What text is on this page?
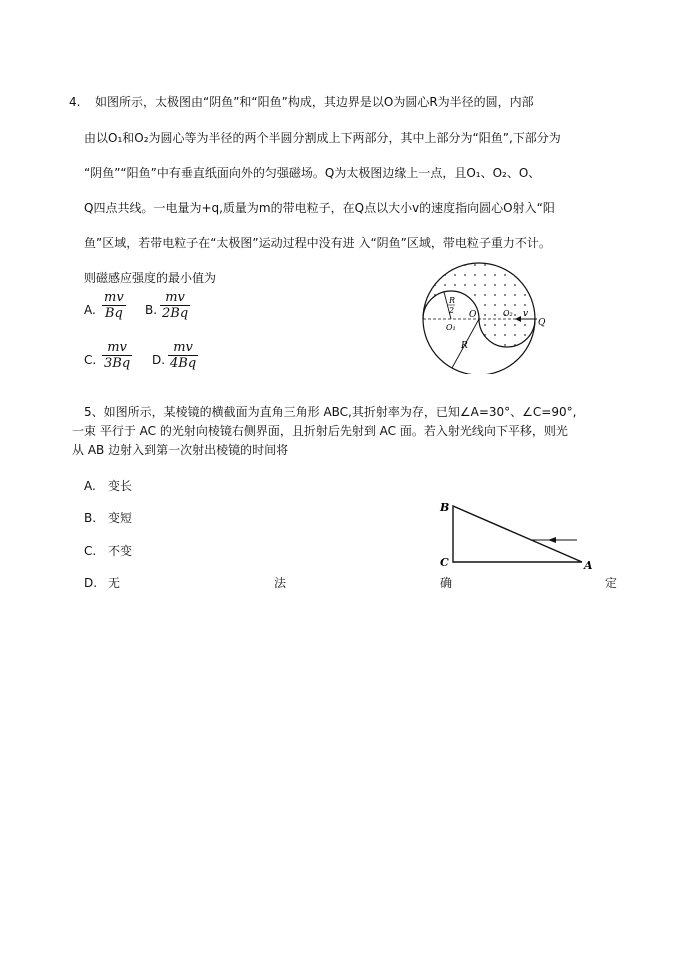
4. 如图所示，太极图由“阴鱼”和“阳鱼”构成，其边界是以O为圆心R为半径的圆，内部
由以O₁和O₂为圆心等为半径的两个半圆分割成上下两部分，其中上部分为“阳鱼”,下部分为
“阴鱼”“阳鱼”中有垂直纸面向外的匀强磁场。Q为太极图边缘上一点，且O₁、O₂、O、
Q四点共线。一电量为+q,质量为m的带电粒子，在Q点以大小v的速度指向圆心O射入“阳
鱼”区域，若带电粒子在“太极图”运动过程中没有进 入“阴鱼”区域，带电粒子重力不计。
则磁感应强度的最小值为
A. $\frac{mv}{Bq} B$. $\frac{mv}{2Bq}$
C. $\frac{mv}{3Bq} D$. $\frac{mv}{4Bq}$
R
2
O₁
O	O₂ v
Q
R
5、如图所示，某棱镜的横截面为直角三角形 ABC,其折射率为存，已知∠A=30°、∠C=90°,
一束 平行于 AC 的光射向棱镜右侧界面，且折射后先射到 AC 面。若入射光线向下平移，则光
从 AB 边射入到第一次射出棱镜的时间将
A. 变长
B. 变短
C. 不变
D. 无	法	确	定
B
C	A
